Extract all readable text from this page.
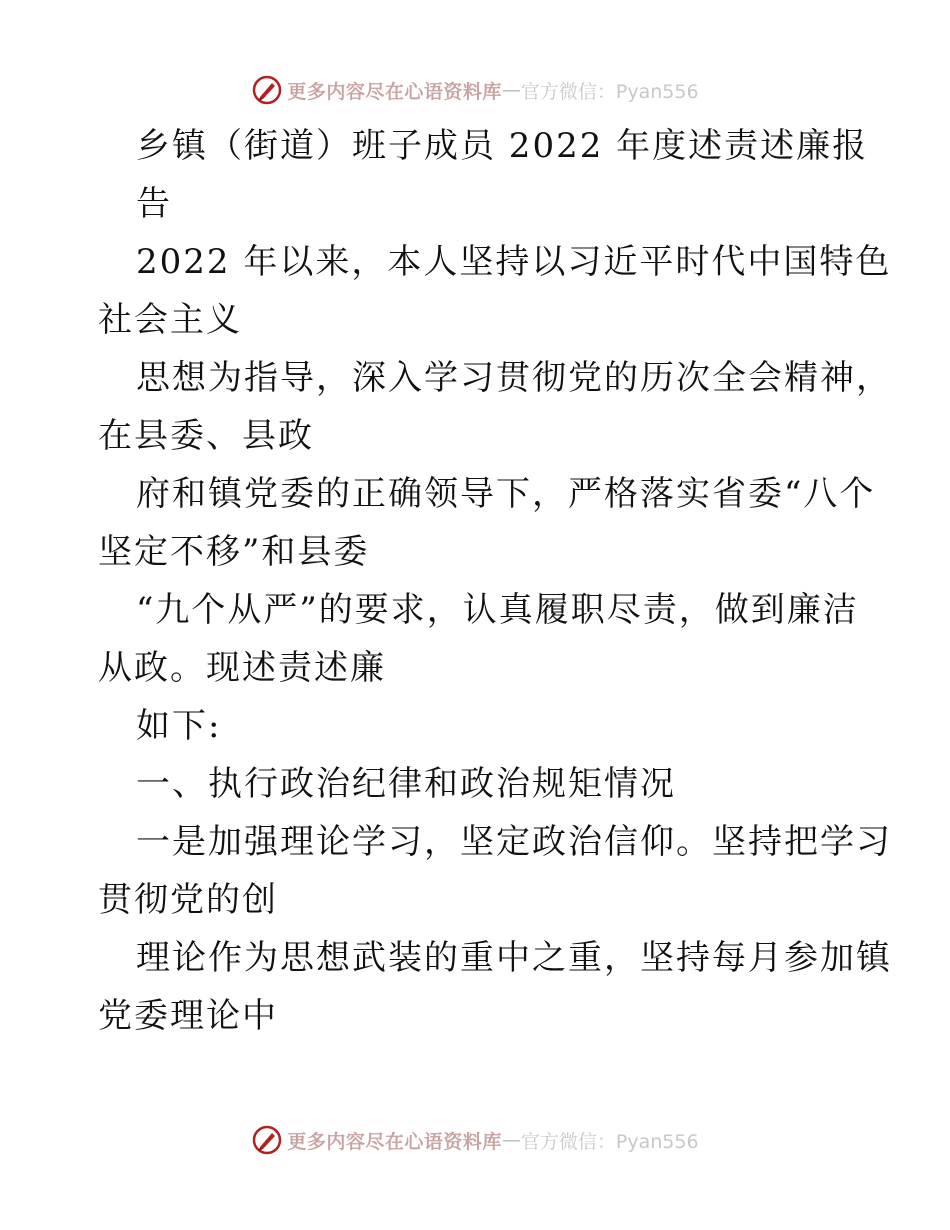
更多内容尽在心语资料库 — 官方微信：Pyan556
乡镇（街道）班子成员 2022 年度述责述廉报
告
2022 年以来，本人坚持以习近平时代中国特色
社会主义
思想为指导，深入学习贯彻党的历次全会精神，
在县委、县政
府和镇党委的正确领导下，严格落实省委“八个
坚定不移”和县委
“九个从严”的要求，认真履职尽责，做到廉洁
从政。现述责述廉
如下:
一、执行政治纪律和政治规矩情况
一是加强理论学习，坚定政治信仰。坚持把学习
贯彻党的创
理论作为思想武装的重中之重，坚持每月参加镇
党委理论中
更多内容尽在心语资料库 — 官方微信：Pyan556
